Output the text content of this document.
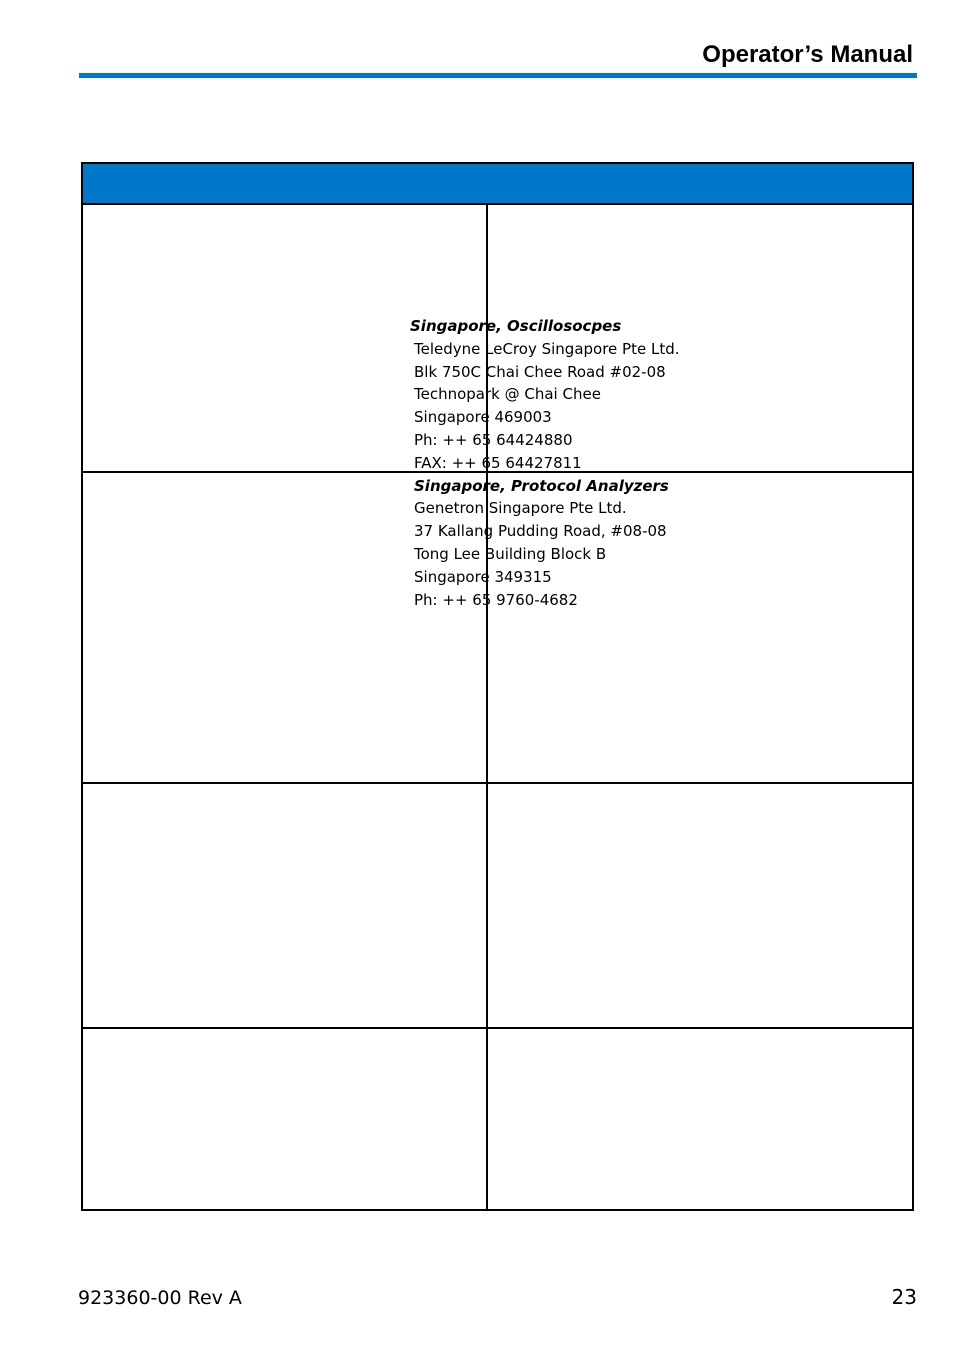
Operator’s Manual
Singapore, Oscillosocpes
Teledyne LeCroy Singapore Pte Ltd.
Blk 750C Chai Chee Road #02-08
Technopark @ Chai Chee
Singapore 469003
Ph: ++ 65 64424880
FAX: ++ 65 64427811
Singapore, Protocol Analyzers
Genetron Singapore Pte Ltd.
37 Kallang Pudding Road, #08-08
Tong Lee Building Block B
Singapore 349315
Ph: ++ 65 9760-4682
923360-00 Rev A	23
